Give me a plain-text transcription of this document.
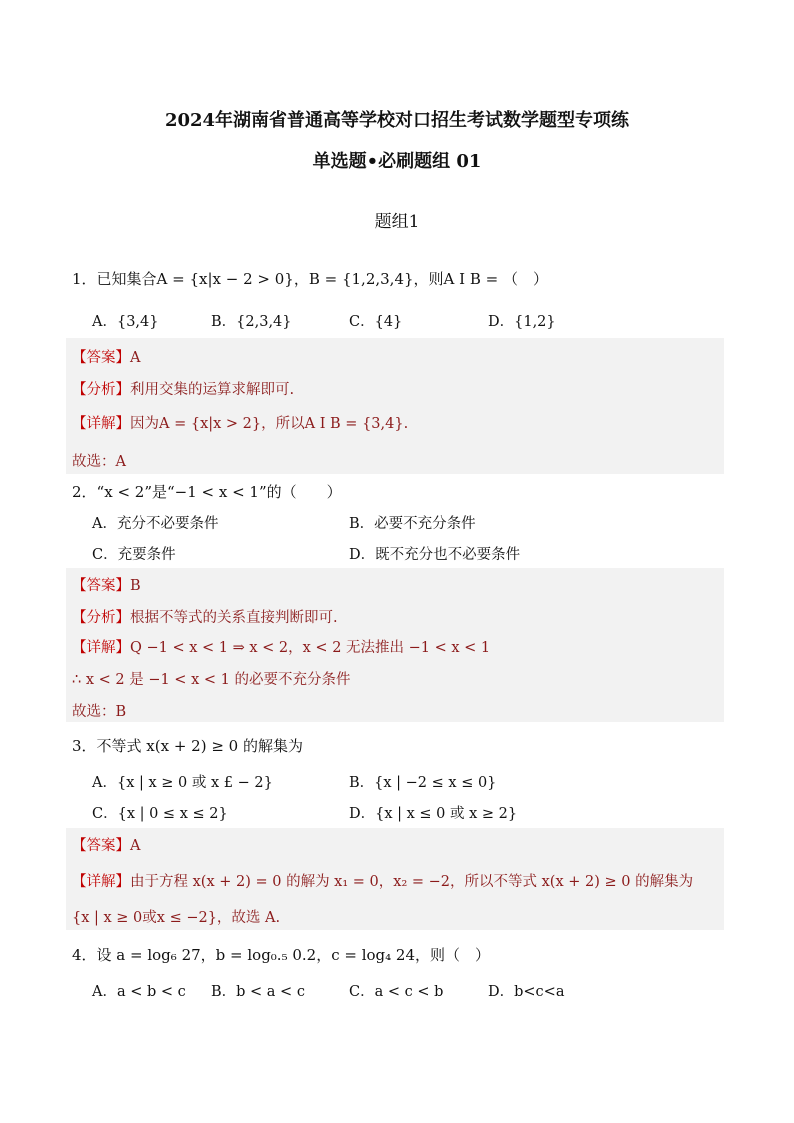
2024年湖南省普通高等学校对口招生考试数学题型专项练
单选题•必刷题组 01
题组1
1．已知集合A = {x|x − 2 > 0}，B = {1,2,3,4}，则A I B = （　）
A．{3,4}	B．{2,3,4}	C．{4}	D．{1,2}
【答案】A
【分析】利用交集的运算求解即可.
【详解】因为A = {x|x > 2}，所以A I B = {3,4}.
故选：A
2．“x < 2”是“−1 < x < 1”的（　　）
A．充分不必要条件	B．必要不充分条件
C．充要条件	D．既不充分也不必要条件
【答案】B
【分析】根据不等式的关系直接判断即可.
【详解】Q −1 < x < 1 ⇒ x < 2，x < 2 无法推出 −1 < x < 1
∴ x < 2 是 −1 < x < 1 的必要不充分条件
故选：B
3．不等式 x(x + 2) ≥ 0 的解集为
A．{x | x ≥ 0 或 x £ − 2}	B．{x | −2 ≤ x ≤ 0}
C．{x | 0 ≤ x ≤ 2}	D．{x | x ≤ 0 或 x ≥ 2}
【答案】A
【详解】由于方程 x(x + 2) = 0 的解为 x₁ = 0，x₂ = −2，所以不等式 x(x + 2) ≥ 0 的解集为
{x | x ≥ 0或x ≤ −2}，故选 A.
4．设 a = log₆ 27，b = log₀.₅ 0.2，c = log₄ 24，则（　）
A．a < b < c B．b < a < c	C．a < c < b	D．b<c<a
